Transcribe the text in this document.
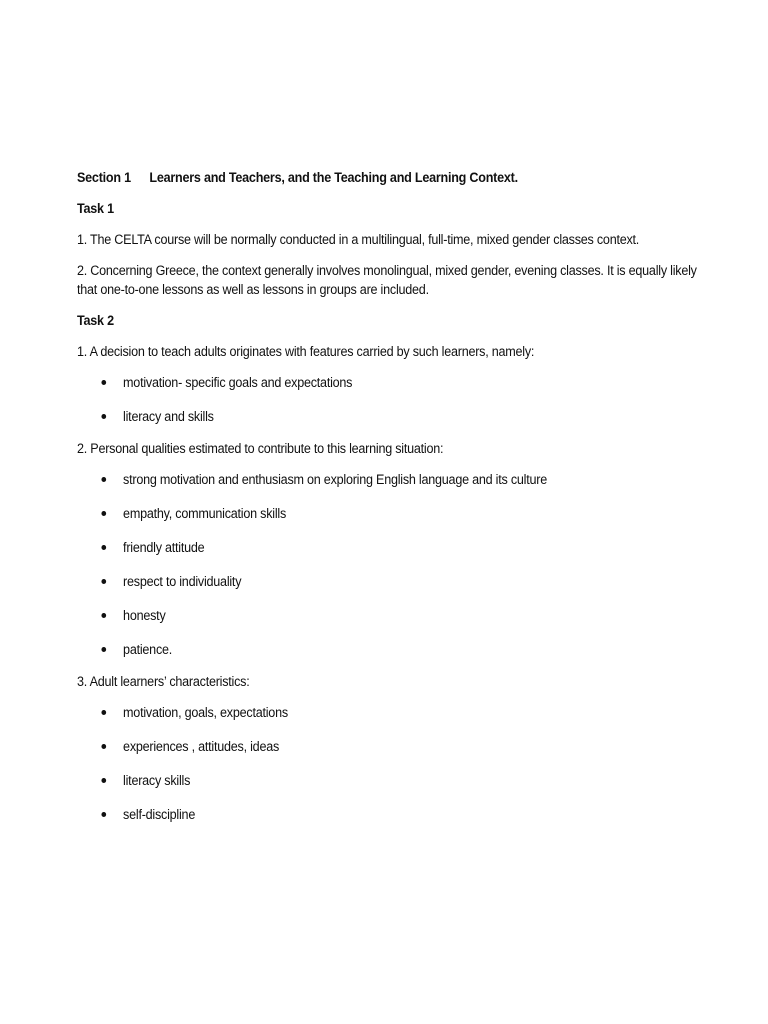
Section 1 Learners and Teachers, and the Teaching and Learning Context.
Task 1
1. The CELTA course will be normally conducted in a multilingual, full-time, mixed gender classes context.
2. Concerning Greece, the context generally involves monolingual, mixed gender, evening classes. It is equally likely that one-to-one lessons as well as lessons in groups are included.
Task 2
1. A decision to teach adults originates with features carried by such learners, namely:
motivation- specific goals and expectations
literacy and skills
2. Personal qualities estimated to contribute to this learning situation:
strong motivation and enthusiasm on exploring English language and its culture
empathy, communication skills
friendly attitude
respect to individuality
honesty
patience.
3. Adult learners’ characteristics:
motivation, goals, expectations
experiences , attitudes, ideas
literacy skills
self-discipline
